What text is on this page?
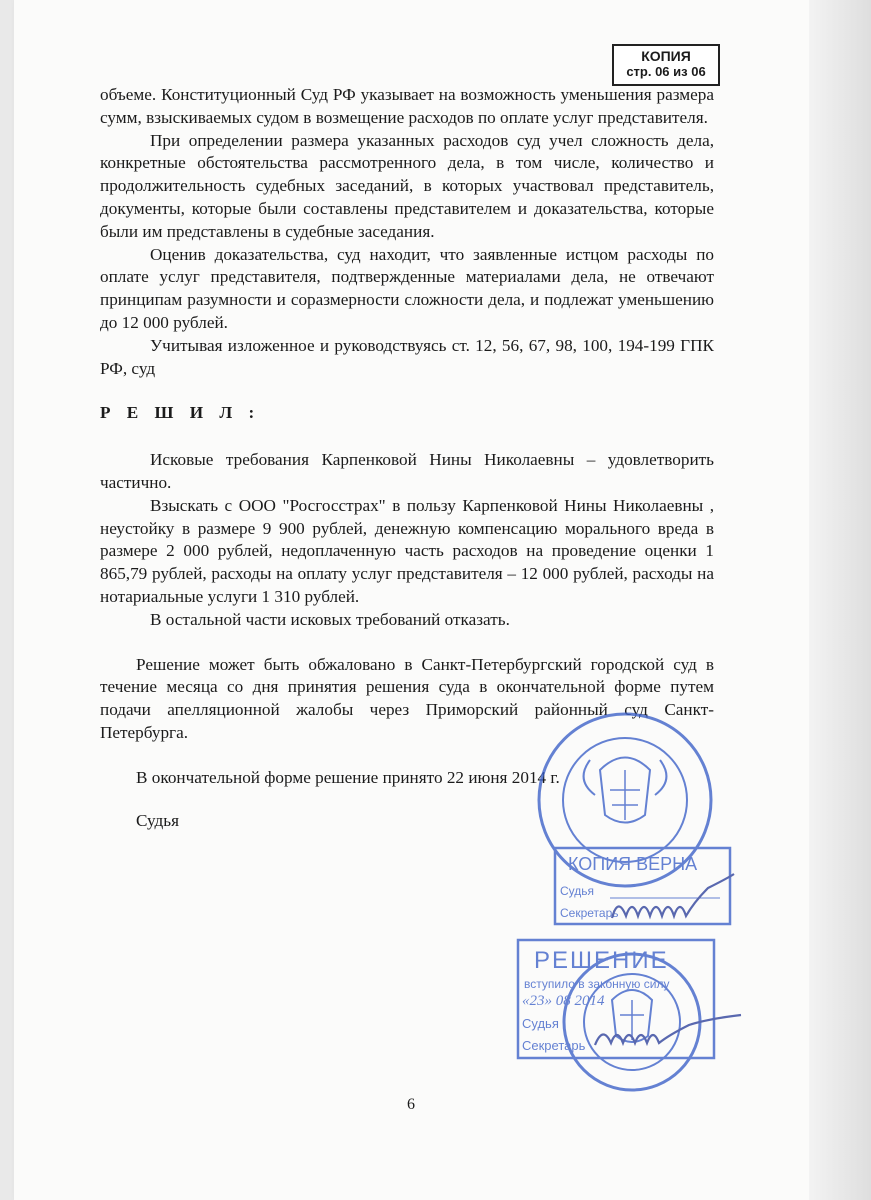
КОПИЯ
стр. 06 из 06

объеме. Конституционный Суд РФ указывает на возможность уменьшения размера сумм, взыскиваемых судом в возмещение расходов по оплате услуг представителя.

При определении размера указанных расходов суд учел сложность дела, конкретные обстоятельства рассмотренного дела, в том числе, количество и продолжительность судебных заседаний, в которых участвовал представитель, документы, которые были составлены представителем и доказательства, которые были им представлены в судебные заседания.

Оценив доказательства, суд находит, что заявленные истцом расходы по оплате услуг представителя, подтвержденные материалами дела, не отвечают принципам разумности и соразмерности сложности дела, и подлежат уменьшению до 12 000 рублей.

Учитывая изложенное и руководствуясь ст. 12, 56, 67, 98, 100, 194-199 ГПК РФ, суд

Р Е Ш И Л :

Исковые требования Карпенковой Нины Николаевны – удовлетворить частично.

Взыскать с ООО "Росгосстрах" в пользу Карпенковой Нины Николаевны , неустойку в размере 9 900 рублей, денежную компенсацию морального вреда в размере 2 000 рублей, недоплаченную часть расходов на проведение оценки 1 865,79 рублей, расходы на оплату услуг представителя – 12 000 рублей, расходы на нотариальные услуги 1 310 рублей.

В остальной части исковых требований отказать.

Решение может быть обжаловано в Санкт-Петербургский городской суд в течение месяца со дня принятия решения суда в окончательной форме путем подачи апелляционной жалобы через Приморский районный суд Санкт-Петербурга.

В окончательной форме решение принято 22 июня 2014 г.

Судья

6
КОПИЯ ВЕРНА
Судья
Секретарь
РЕШЕНИЕ
вступило в законную силу
«23» 08 2014
Судья
Секретарь
